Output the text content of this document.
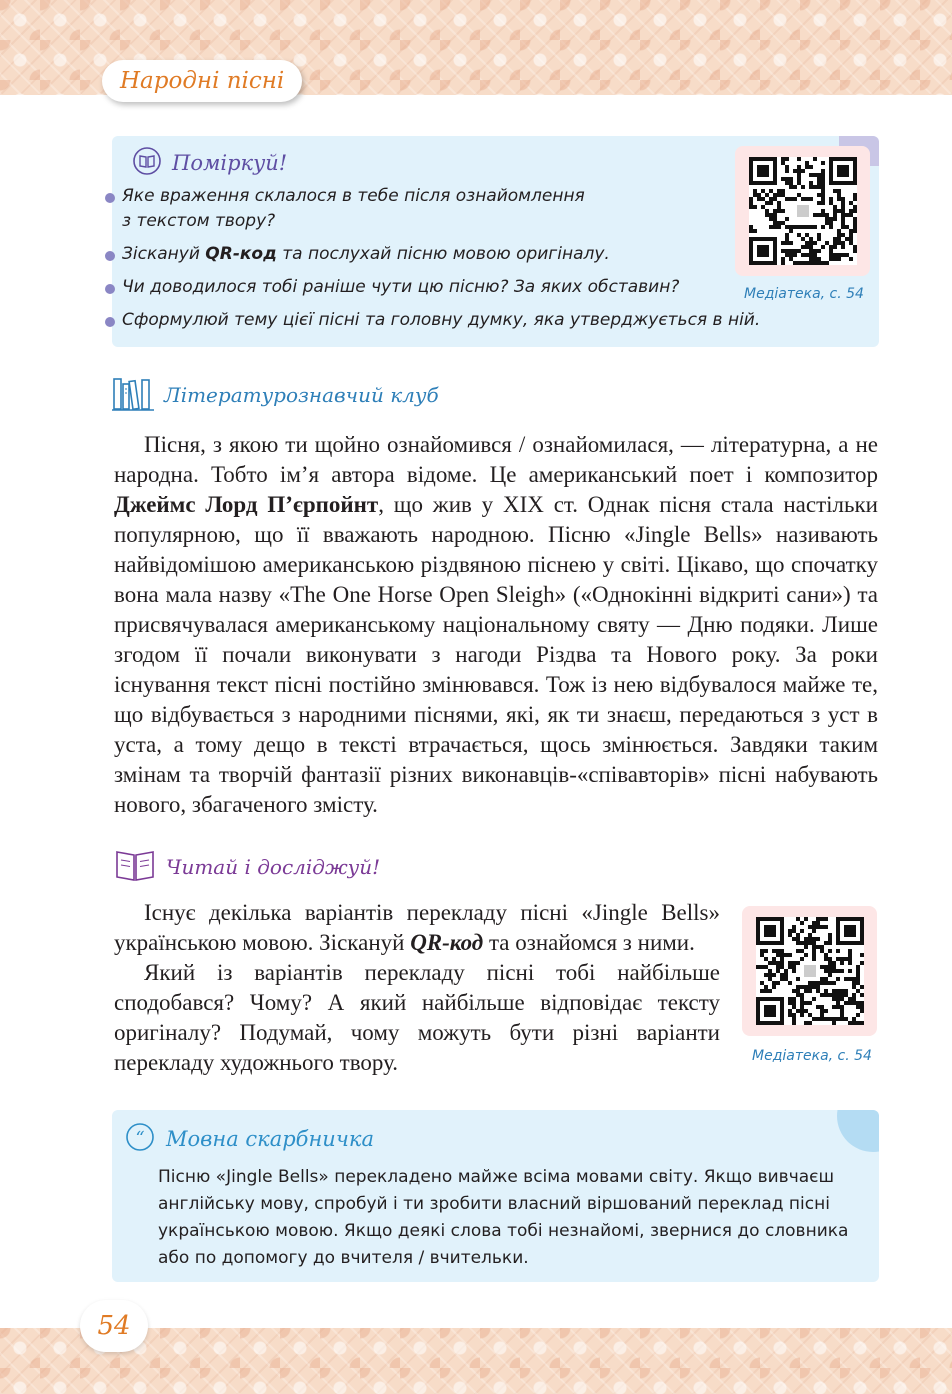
Народні пісні
Поміркуй!
Яке враження склалося в тебе після ознайомлення
з текстом твору?
Зіскануй QR-код та послухай пісню мовою оригіналу.
Чи доводилося тобі раніше чути цю пісню? За яких обставин?
Сформулюй тему цієї пісні та головну думку, яка утверджується в ній.
Медіатека, с. 54
Літературознавчий клуб

Пісня, з якою ти щойно ознайомився / ознайомилася, — літературна, а не народна. Тобто ім’я автора відоме. Це американський поет і композитор Джеймс Лорд П’єрпойнт, що жив у XIX ст. Однак пісня стала настільки популярною, що її вважають народною. Пісню «Jingle Bells» називають найвідомішою американською різдвяною піснею у світі. Цікаво, що спочатку вона мала назву «The One Horse Open Sleigh» («Однокінні відкриті сани») та присвячувалася американському національному святу — Дню подяки. Лише згодом її почали виконувати з нагоди Різдва та Нового року. За роки існування текст пісні постійно змінювався. Тож із нею відбувалося майже те, що відбувається з народними піснями, які, як ти знаєш, передаються з уст в уста, а тому дещо в тексті втрачається, щось змінюється. Завдяки таким змінам та творчій фантазії різних виконавців-«співавторів» пісні набувають нового, збагаченого змісту.

Читай і досліджуй!

Існує декілька варіантів перекладу пісні «Jingle Bells» українською мовою. Зіскануй QR-код та ознайомся з ними.

Який із варіантів перекладу пісні тобі найбільше сподобався? Чому? А який найбільше відповідає тексту оригіналу? Подумай, чому можуть бути різні варіанти перекладу художнього твору.	Медіатека, с. 54
“ Мовна скарбничка
Пісню «Jingle Bells» перекладено майже всіма мовами світу. Якщо вивчаєш англійську мову, спробуй і ти зробити власний віршований переклад пісні українською мовою. Якщо деякі слова тобі незнайомі, звернися до словника або по допомогу до вчителя / вчительки.
54
